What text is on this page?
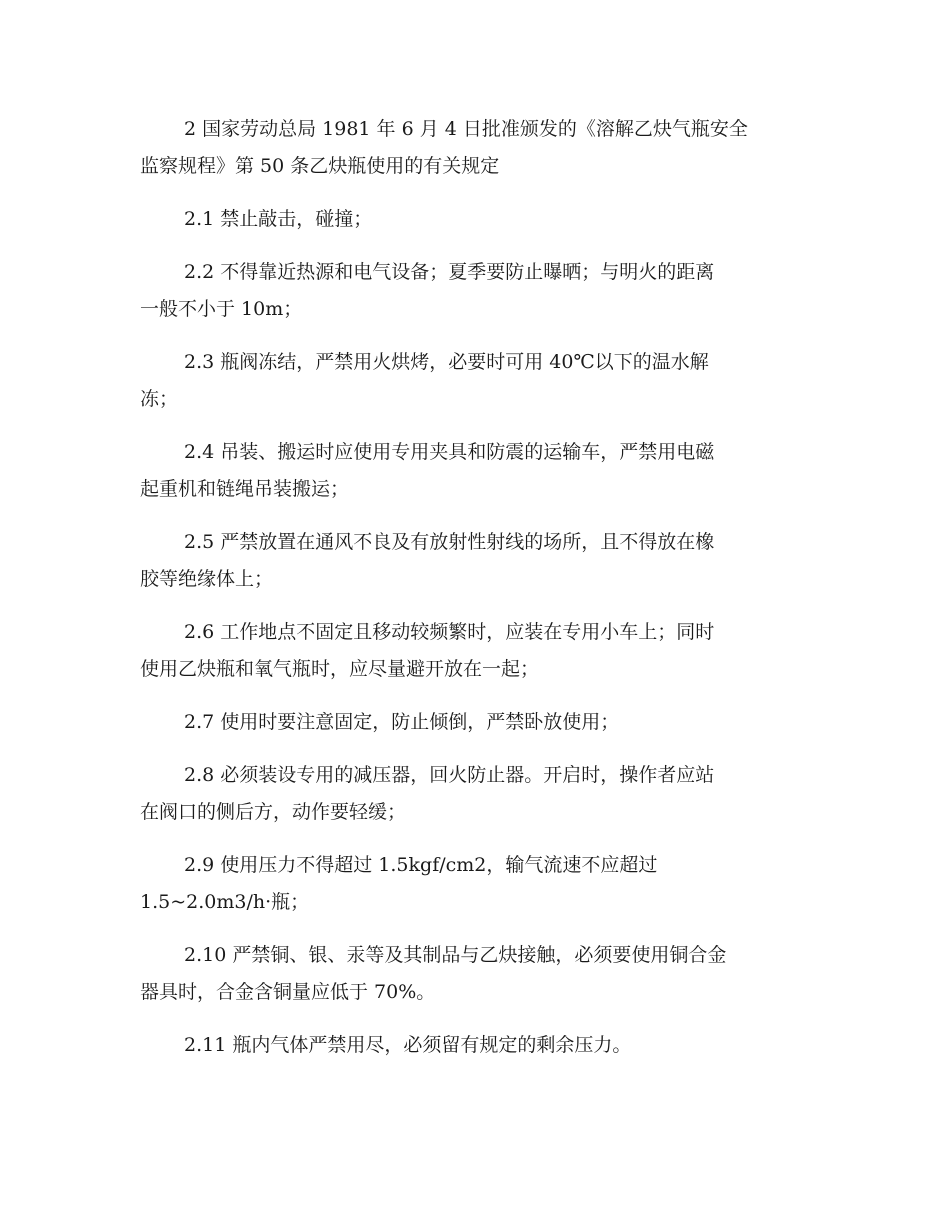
2 国家劳动总局 1981 年 6 月 4 日批准颁发的《溶解乙炔气瓶安全
监察规程》第 50 条乙炔瓶使用的有关规定
2.1 禁止敲击，碰撞；
2.2 不得靠近热源和电气设备；夏季要防止曝晒；与明火的距离
一般不小于 10m；
2.3 瓶阀冻结，严禁用火烘烤，必要时可用 40℃以下的温水解
冻；
2.4 吊装、搬运时应使用专用夹具和防震的运输车，严禁用电磁
起重机和链绳吊装搬运；
2.5 严禁放置在通风不良及有放射性射线的场所，且不得放在橡
胶等绝缘体上；
2.6 工作地点不固定且移动较频繁时，应装在专用小车上；同时
使用乙炔瓶和氧气瓶时，应尽量避开放在一起；
2.7 使用时要注意固定，防止倾倒，严禁卧放使用；
2.8 必须装设专用的减压器，回火防止器。开启时，操作者应站
在阀口的侧后方，动作要轻缓；
2.9 使用压力不得超过 1.5kgf/cm2，输气流速不应超过
1.5~2.0m3/h·瓶；
2.10 严禁铜、银、汞等及其制品与乙炔接触，必须要使用铜合金
器具时，合金含铜量应低于 70%。
2.11 瓶内气体严禁用尽，必须留有规定的剩余压力。
